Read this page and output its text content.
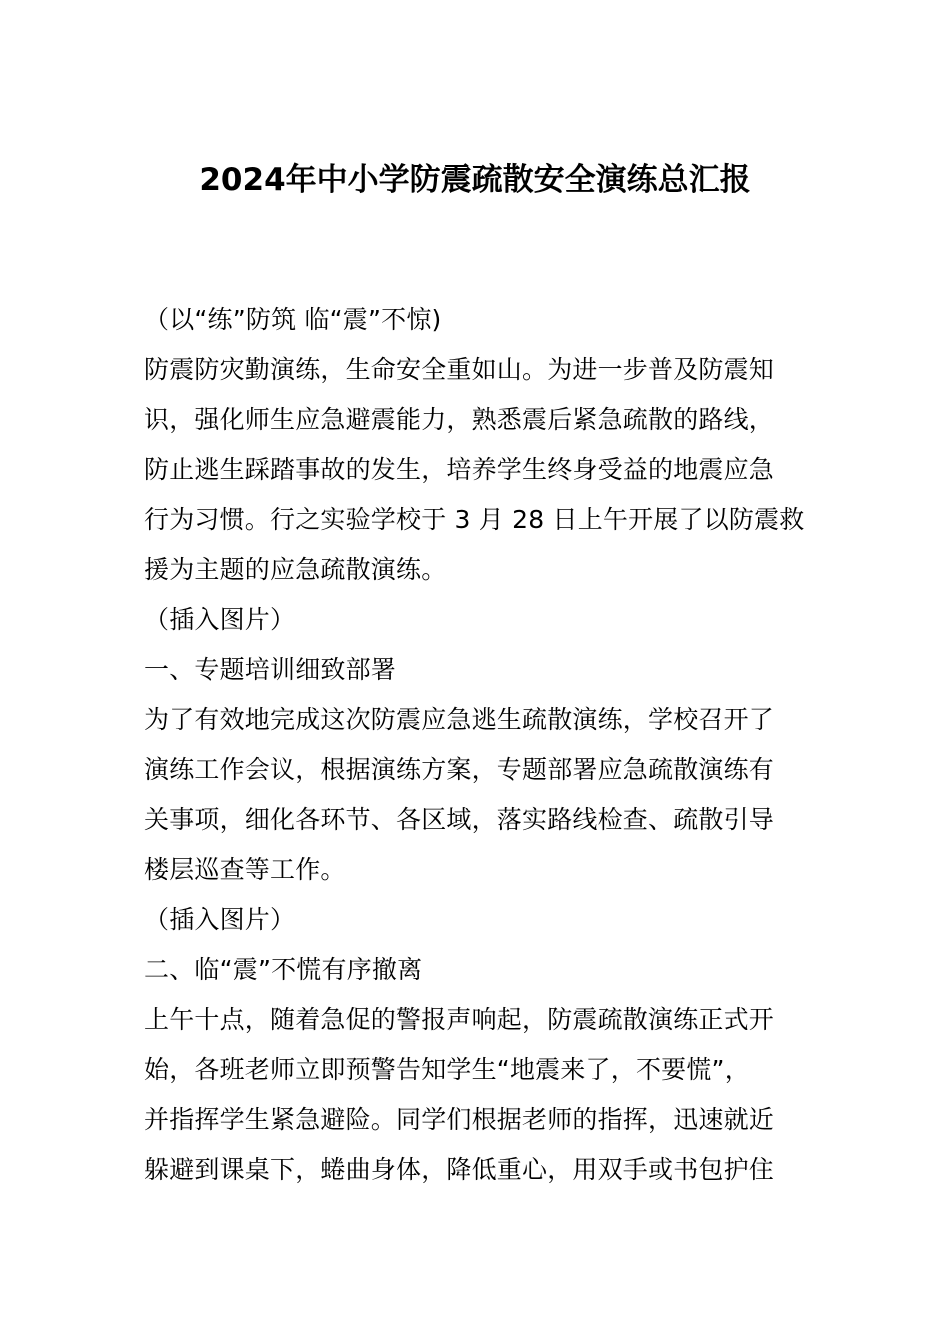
2024年中小学防震疏散安全演练总汇报
（以“练”防筑 临“震”不惊)
防震防灾勤演练，生命安全重如山。为进一步普及防震知
识，强化师生应急避震能力，熟悉震后紧急疏散的路线，
防止逃生踩踏事故的发生，培养学生终身受益的地震应急
行为习惯。行之实验学校于 3 月 28 日上午开展了以防震救
援为主题的应急疏散演练。
（插入图片）
一、专题培训细致部署
为了有效地完成这次防震应急逃生疏散演练，学校召开了
演练工作会议，根据演练方案，专题部署应急疏散演练有
关事项，细化各环节、各区域，落实路线检查、疏散引导
楼层巡查等工作。
（插入图片）
二、临“震”不慌有序撤离
上午十点，随着急促的警报声响起，防震疏散演练正式开
始，各班老师立即预警告知学生“地震来了，不要慌”，
并指挥学生紧急避险。同学们根据老师的指挥，迅速就近
躲避到课桌下，蜷曲身体，降低重心，用双手或书包护住
